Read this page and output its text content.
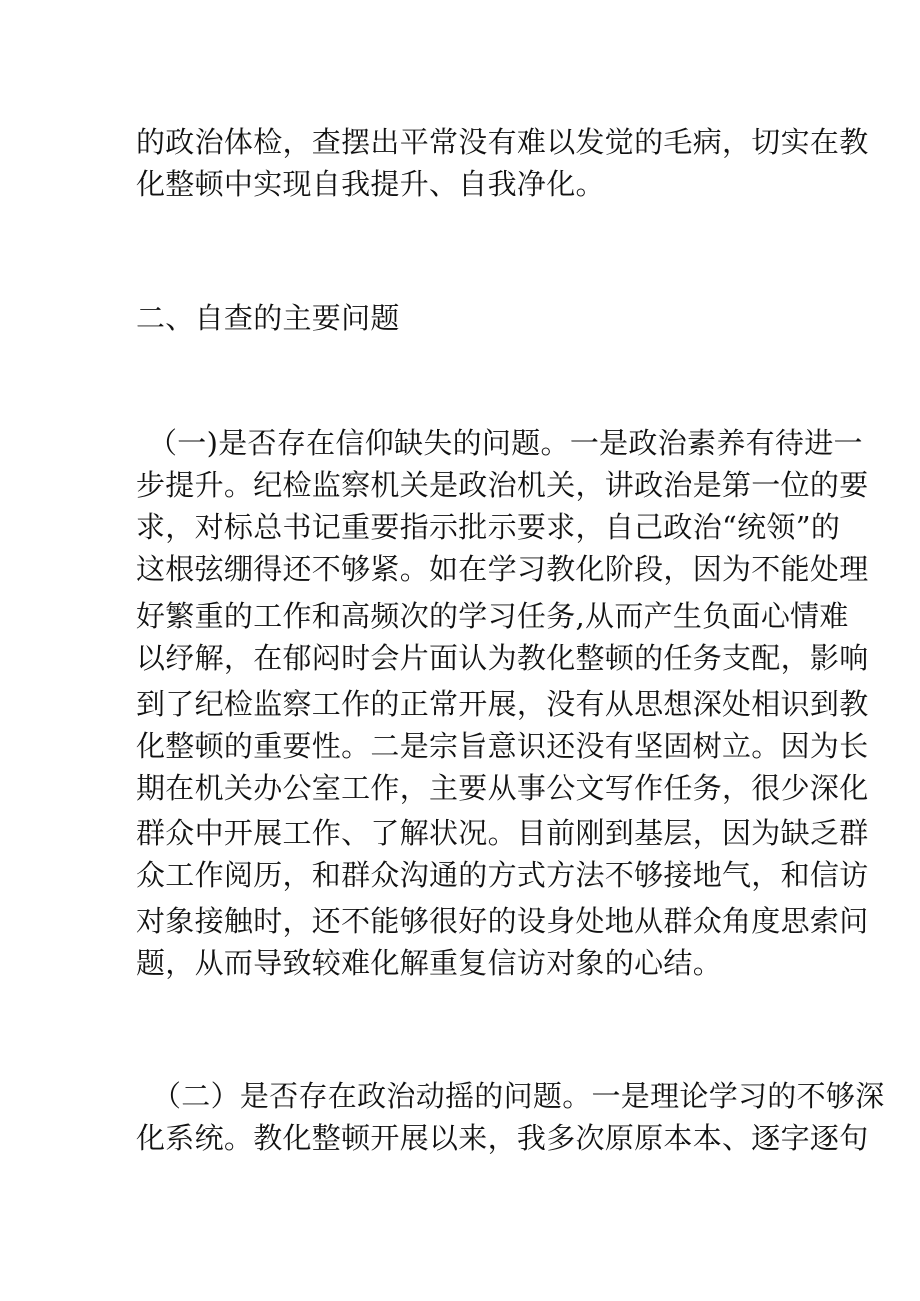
的政治体检，查摆出平常没有难以发觉的毛病，切实在教
化整顿中实现自我提升、自我净化。
二、自查的主要问题
（一)是否存在信仰缺失的问题。一是政治素养有待进一
步提升。纪检监察机关是政治机关，讲政治是第一位的要
求，对标总书记重要指示批示要求，自己政治“统领”的
这根弦绷得还不够紧。如在学习教化阶段，因为不能处理
好繁重的工作和高频次的学习任务,从而产生负面心情难
以纾解，在郁闷时会片面认为教化整顿的任务支配，影响
到了纪检监察工作的正常开展，没有从思想深处相识到教
化整顿的重要性。二是宗旨意识还没有坚固树立。因为长
期在机关办公室工作，主要从事公文写作任务，很少深化
群众中开展工作、了解状况。目前刚到基层，因为缺乏群
众工作阅历，和群众沟通的方式方法不够接地气，和信访
对象接触时，还不能够很好的设身处地从群众角度思索问
题，从而导致较难化解重复信访对象的心结。
（二）是否存在政治动摇的问题。一是理论学习的不够深
化系统。教化整顿开展以来，我多次原原本本、逐字逐句
